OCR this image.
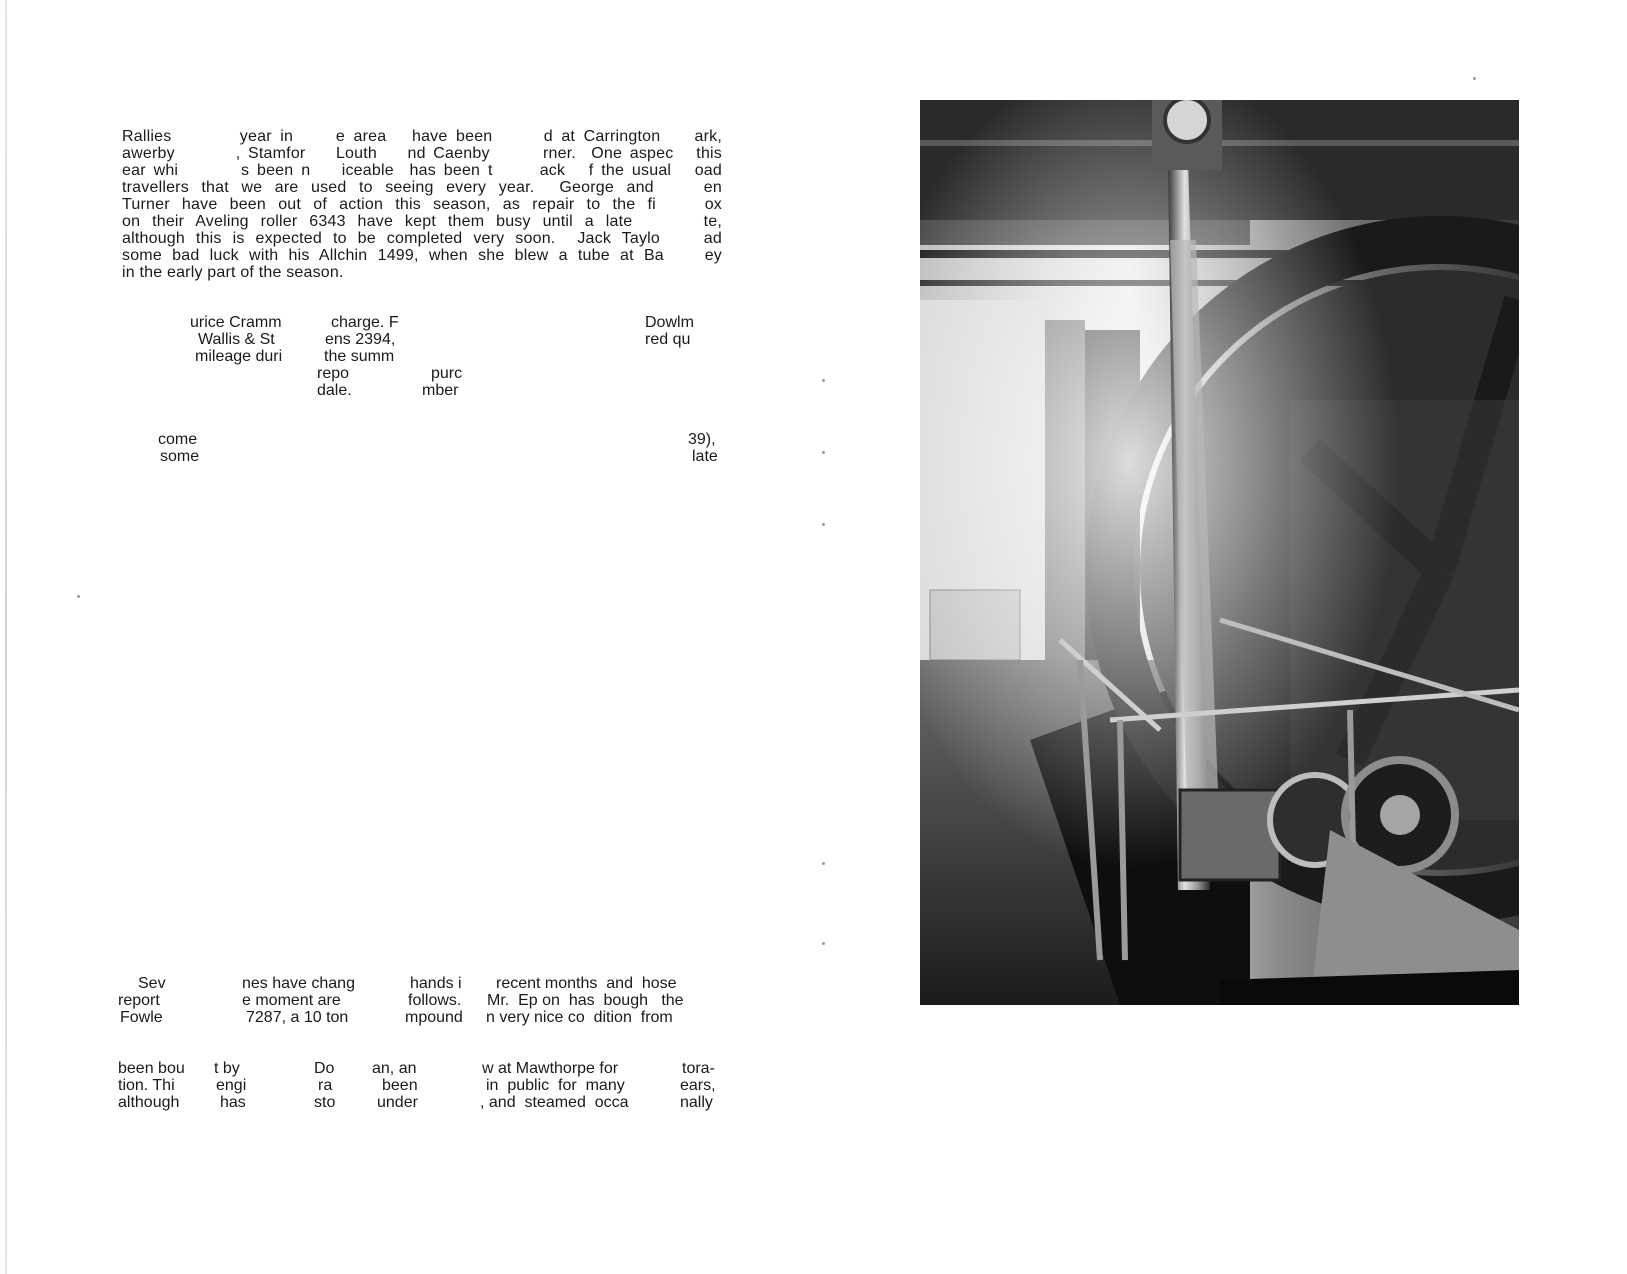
Rallies        year in     e area   have been      d at Carrington    ark,
awerby        , Stamfor    Louth    nd Caenby       rner.  One aspec   this
ear whi        s been n    iceable  has been t      ack   f the usual   oad
travellers that we are used to seeing every year.  George and    en
Turner have been out of action this season, as repair to the fi    ox
on their Aveling roller 6343 have kept them busy until a late      te,
although this is expected to be completed very soon.  Jack Taylo    ad
some bad luck with his Allchin 1499, when she blew a tube at Ba    ey
in the early part of the season.
urice Cramm
Wallis & St
mileage duri
charge. F
ens 2394,
the summ
repo
dale.
purc
mber
Dowlm
red qu
come
some
39),
late
Sev
report
Fowle
nes have chang
e moment are
7287, a 10 ton
hands i
follows.
mpound
recent months  and  hose
Mr.  Ep on  has  bough   the
n very nice co  dition  from
been bou
tion. Thi
although
t by
engi
has
Do
ra
sto
an, an
been
under
w at Mawthorpe for
in  public  for  many
, and  steamed  occa
tora-
ears,
nally
